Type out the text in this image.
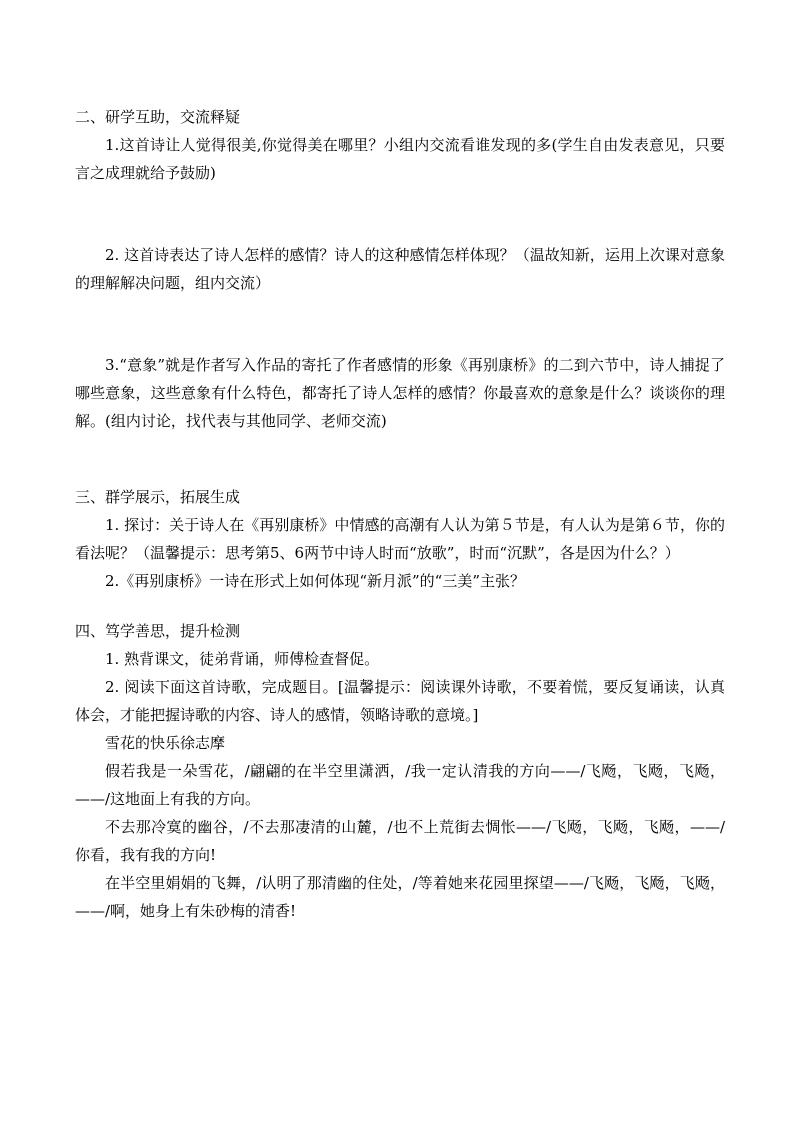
二、研学互助，交流释疑

1.这首诗让人觉得很美,你觉得美在哪里？小组内交流看谁发现的多(学生自由发表意见，只要言之成理就给予鼓励)

2. 这首诗表达了诗人怎样的感情？诗人的这种感情怎样体现？（温故知新，运用上次课对意象的理解解决问题，组内交流）

3.“意象”就是作者写入作品的寄托了作者感情的形象《再别康桥》的二到六节中，诗人捕捉了哪些意象，这些意象有什么特色，都寄托了诗人怎样的感情？你最喜欢的意象是什么？谈谈你的理解。(组内讨论，找代表与其他同学、老师交流)

三、群学展示，拓展生成

1. 探讨：关于诗人在《再别康桥》中情感的高潮有人认为第５节是，有人认为是第６节，你的看法呢？（温馨提示：思考第5、6两节中诗人时而“放歌”，时而“沉默”，各是因为什么？）

2.《再别康桥》一诗在形式上如何体现“新月派”的“三美”主张？

四、笃学善思，提升检测

1. 熟背课文，徒弟背诵，师傅检查督促。

2. 阅读下面这首诗歌，完成题目。[温馨提示：阅读课外诗歌，不要着慌，要反复诵读，认真体会，才能把握诗歌的内容、诗人的感情，领略诗歌的意境。]

雪花的快乐徐志摩

假若我是一朵雪花，/翩翩的在半空里潇洒，/我一定认清我的方向——/飞飏，飞飏，飞飏，——/这地面上有我的方向。

不去那冷寞的幽谷，/不去那凄清的山麓，/也不上荒街去惆怅——/飞飏，飞飏，飞飏，——/你看，我有我的方向!

在半空里娟娟的飞舞，/认明了那清幽的住处，/等着她来花园里探望——/飞飏，飞飏，飞飏，——/啊，她身上有朱砂梅的清香!
